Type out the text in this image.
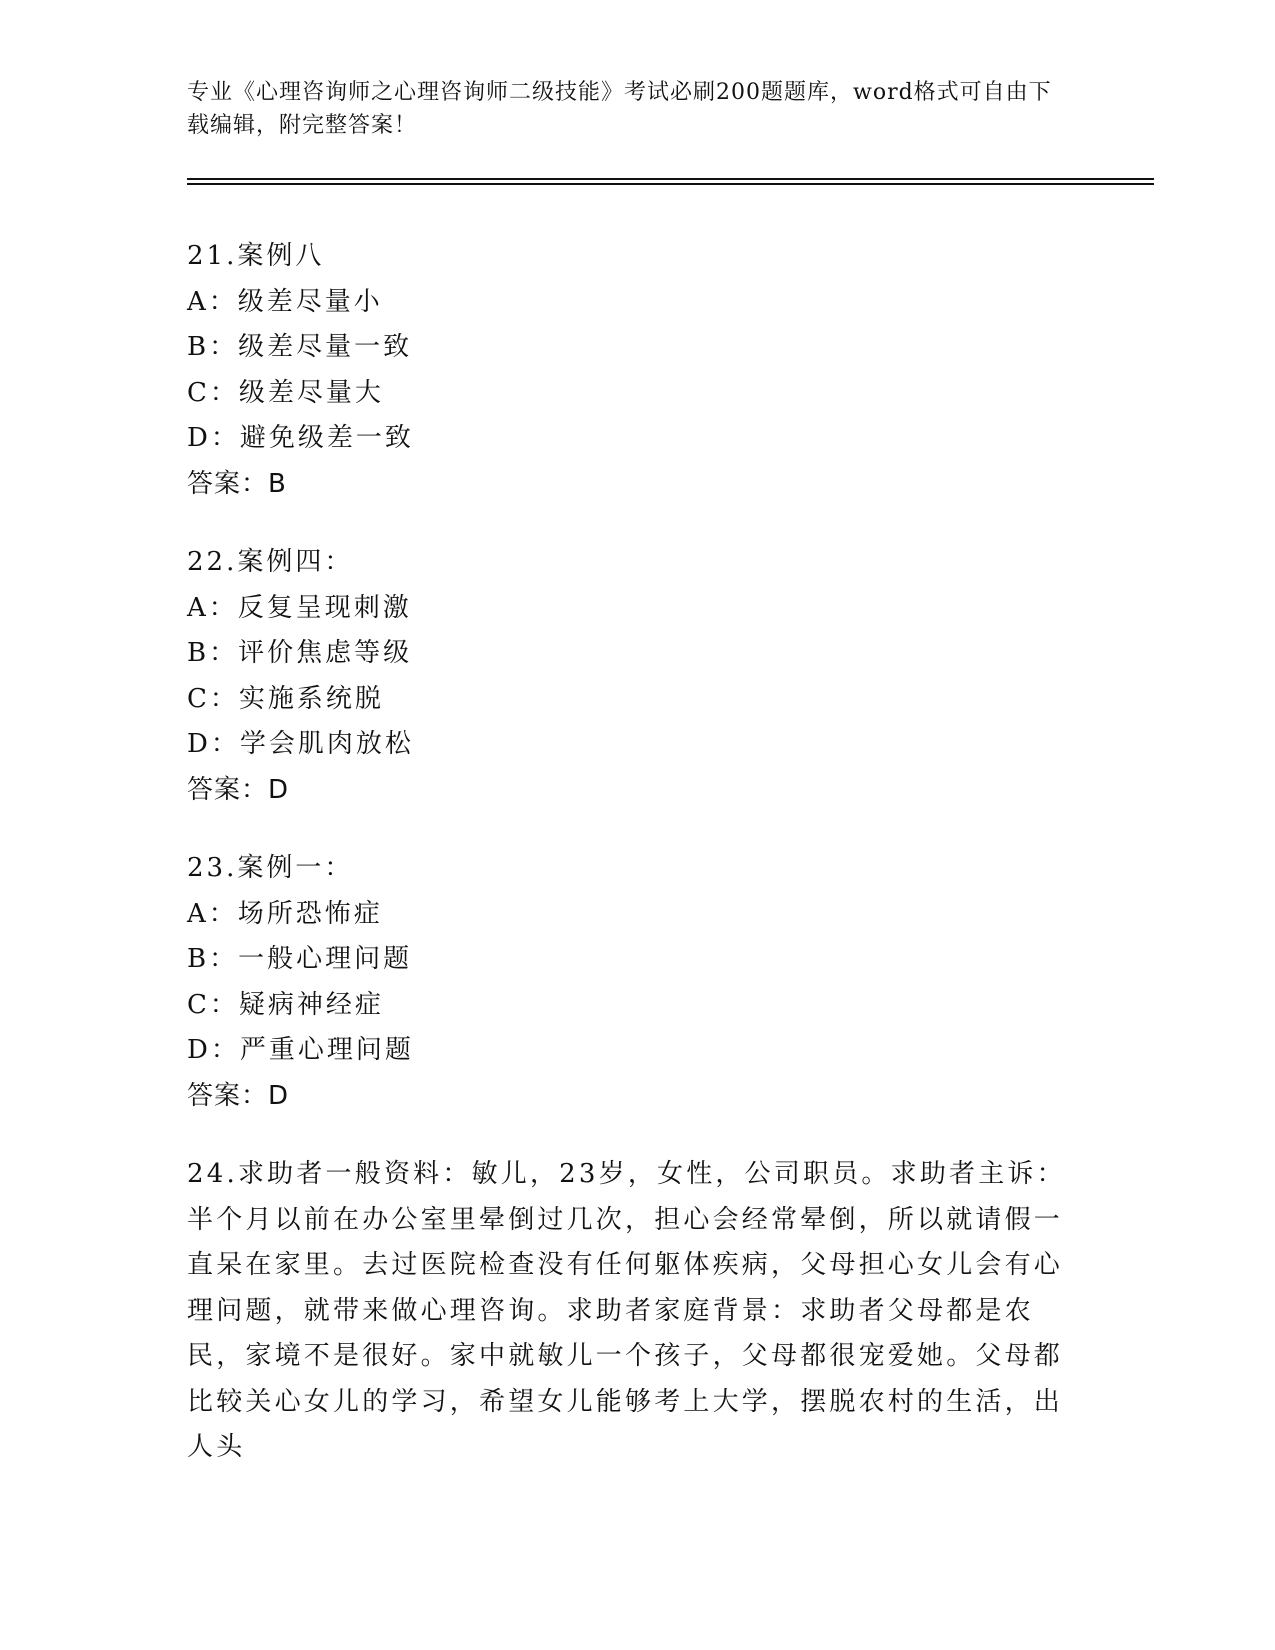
专业《心理咨询师之心理咨询师二级技能》考试必刷200题题库，word格式可自由下载编辑，附完整答案！
21.案例八
A：级差尽量小
B：级差尽量一致
C：级差尽量大
D：避免级差一致
答案：B
22.案例四：
A：反复呈现刺激
B：评价焦虑等级
C：实施系统脱
D：学会肌肉放松
答案：D
23.案例一：
A：场所恐怖症
B：一般心理问题
C：疑病神经症
D：严重心理问题
答案：D
24.求助者一般资料：敏儿，23岁，女性，公司职员。求助者主诉：半个月以前在办公室里晕倒过几次，担心会经常晕倒，所以就请假一直呆在家里。去过医院检查没有任何躯体疾病，父母担心女儿会有心理问题，就带来做心理咨询。求助者家庭背景：求助者父母都是农民，家境不是很好。家中就敏儿一个孩子，父母都很宠爱她。父母都比较关心女儿的学习，希望女儿能够考上大学，摆脱农村的生活，出人头
